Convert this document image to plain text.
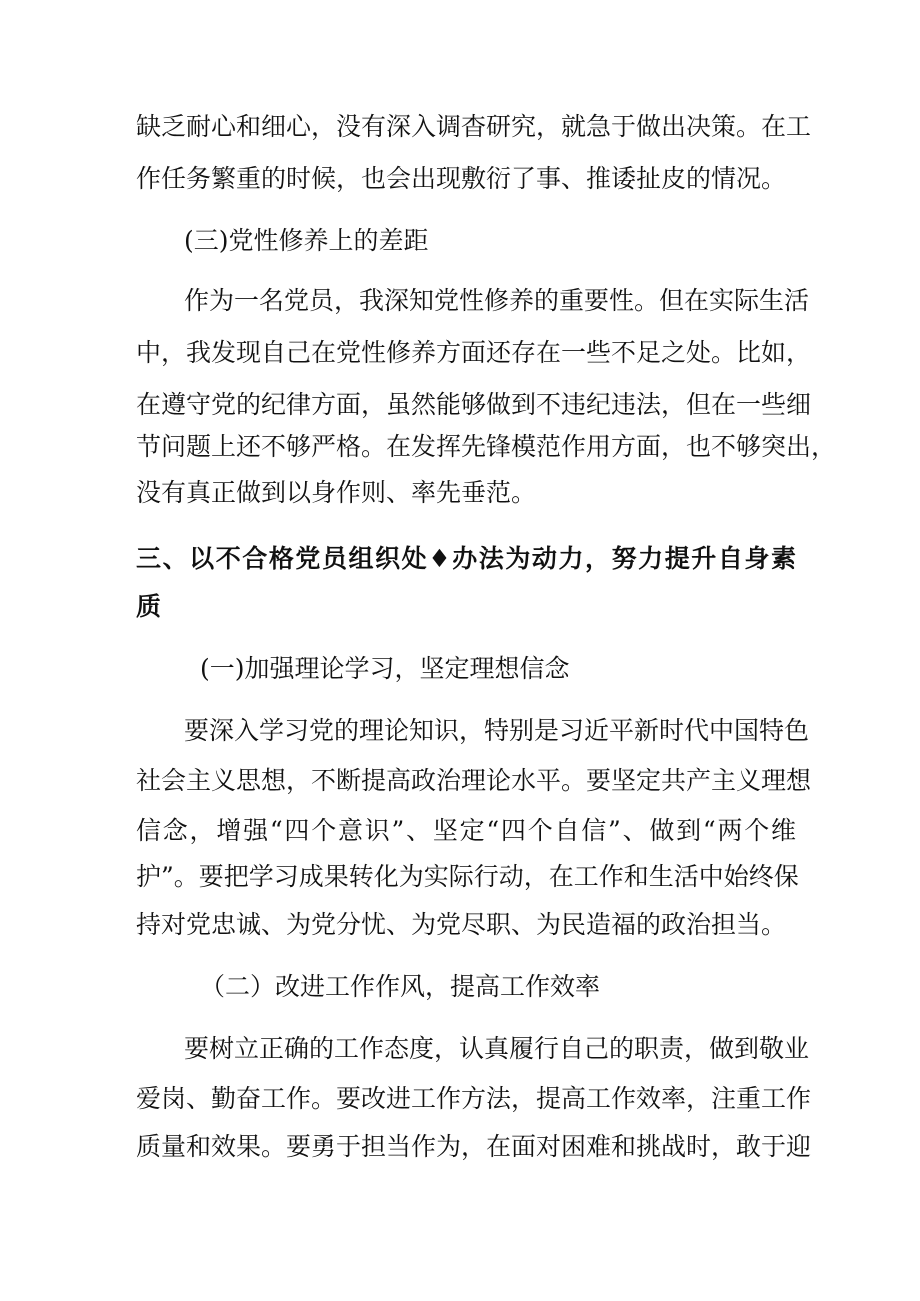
缺乏耐心和细心，没有深入调杳研究，就急于做出决策。在工
作任务繁重的时候，也会出现敷衍了事、推诿扯皮的情况。
(三)党性修养上的差距
作为一名党员，我深知党性修养的重要性。但在实际生活
中，我发现自己在党性修养方面还存在一些不足之处。比如，
在遵守党的纪律方面，虽然能够做到不违纪违法，但在一些细
节问题上还不够严格。在发挥先锋模范作用方面，也不够突出，
没有真正做到以身作则、率先垂范。
三、以不合格党员组织处♦办法为动力，努力提升自身素
质
(一)加强理论学习，坚定理想信念
要深入学习党的理论知识，特别是习近平新时代中国特色
社会主义思想，不断提高政治理论水平。要坚定共产主义理想
信念，增强“四个意识”、坚定“四个自信”、做到“两个维
护”。要把学习成果转化为实际行动，在工作和生活中始终保
持对党忠诚、为党分忧、为党尽职、为民造福的政治担当。
（二）改进工作作风，提高工作效率
要树立正确的工作态度，认真履行自己的职责，做到敬业
爱岗、勤奋工作。要改进工作方法，提高工作效率，注重工作
质量和效果。要勇于担当作为，在面对困难和挑战时，敢于迎
